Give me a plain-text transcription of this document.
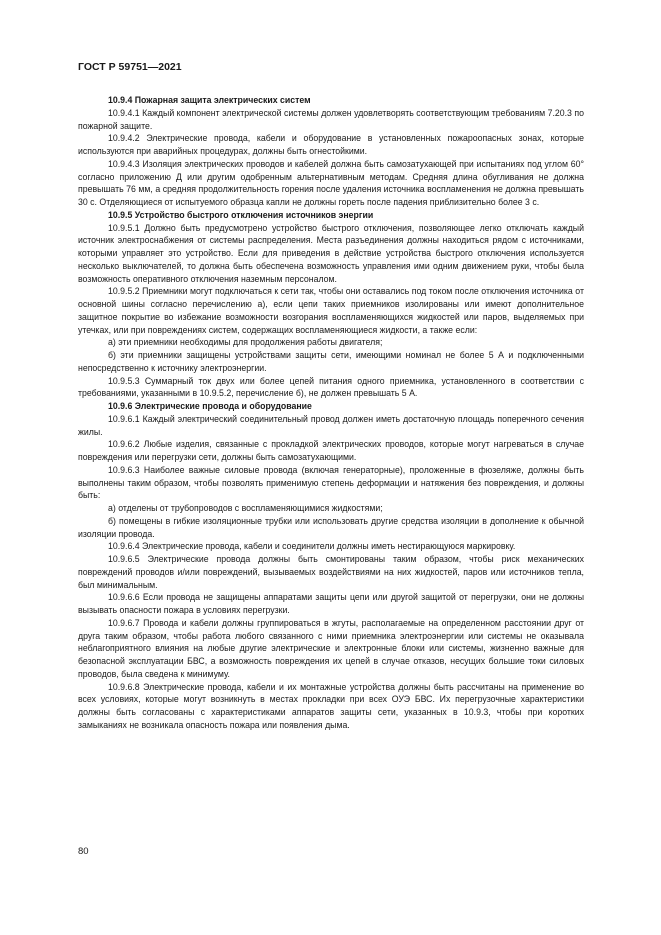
ГОСТ Р 59751—2021

10.9.4 Пожарная защита электрических систем

10.9.4.1 Каждый компонент электрической системы должен удовлетворять соответствующим требованиям 7.20.3 по пожарной защите.

10.9.4.2 Электрические провода, кабели и оборудование в установленных пожароопасных зонах, которые используются при аварийных процедурах, должны быть огнестойкими.

10.9.4.3 Изоляция электрических проводов и кабелей должна быть самозатухающей при испытаниях под углом 60° согласно приложению Д или другим одобренным альтернативным методам. Средняя длина обугливания не должна превышать 76 мм, а средняя продолжительность горения после удаления источника воспламенения не должна превышать 30 с. Отделяющиеся от испытуемого образца капли не должны гореть после падения приблизительно более 3 с.

10.9.5 Устройство быстрого отключения источников энергии

10.9.5.1 Должно быть предусмотрено устройство быстрого отключения, позволяющее легко отключать каждый источник электроснабжения от системы распределения. Места разъединения должны находиться рядом с источниками, которыми управляет это устройство. Если для приведения в действие устройства быстрого отключения используется несколько выключателей, то должна быть обеспечена возможность управления ими одним движением руки, чтобы была возможность оперативного отключения наземным персоналом.

10.9.5.2 Приемники могут подключаться к сети так, чтобы они оставались под током после отключения источника от основной шины согласно перечислению а), если цепи таких приемников изолированы или имеют дополнительное защитное покрытие во избежание возможности возгорания воспламеняющихся жидкостей или паров, выделяемых при утечках, или при повреждениях систем, содержащих воспламеняющиеся жидкости, а также если:

а) эти приемники необходимы для продолжения работы двигателя;

б) эти приемники защищены устройствами защиты сети, имеющими номинал не более 5 А и подключенными непосредственно к источнику электроэнергии.

10.9.5.3 Суммарный ток двух или более цепей питания одного приемника, установленного в соответствии с требованиями, указанными в 10.9.5.2, перечисление б), не должен превышать 5 А.

10.9.6 Электрические провода и оборудование

10.9.6.1 Каждый электрический соединительный провод должен иметь достаточную площадь поперечного сечения жилы.

10.9.6.2 Любые изделия, связанные с прокладкой электрических проводов, которые могут нагреваться в случае повреждения или перегрузки сети, должны быть самозатухающими.

10.9.6.3 Наиболее важные силовые провода (включая генераторные), проложенные в фюзеляже, должны быть выполнены таким образом, чтобы позволять применимую степень деформации и натяжения без повреждения, и должны быть:

а) отделены от трубопроводов с воспламеняющимися жидкостями;

б) помещены в гибкие изоляционные трубки или использовать другие средства изоляции в дополнение к обычной изоляции провода.

10.9.6.4 Электрические провода, кабели и соединители должны иметь нестирающуюся маркировку.

10.9.6.5 Электрические провода должны быть смонтированы таким образом, чтобы риск механических повреждений проводов и/или повреждений, вызываемых воздействиями на них жидкостей, паров или источников тепла, был минимальным.

10.9.6.6 Если провода не защищены аппаратами защиты цепи или другой защитой от перегрузки, они не должны вызывать опасности пожара в условиях перегрузки.

10.9.6.7 Провода и кабели должны группироваться в жгуты, располагаемые на определенном расстоянии друг от друга таким образом, чтобы работа любого связанного с ними приемника электроэнергии или системы не оказывала неблагоприятного влияния на любые другие электрические и электронные блоки или системы, жизненно важные для безопасной эксплуатации БВС, а возможность повреждения их цепей в случае отказов, несущих большие токи силовых проводов, была сведена к минимуму.

10.9.6.8 Электрические провода, кабели и их монтажные устройства должны быть рассчитаны на применение во всех условиях, которые могут возникнуть в местах прокладки при всех ОУЭ БВС. Их перегрузочные характеристики должны быть согласованы с характеристиками аппаратов защиты сети, указанных в 10.9.3, чтобы при коротких замыканиях не возникала опасность пожара или появления дыма.

80
